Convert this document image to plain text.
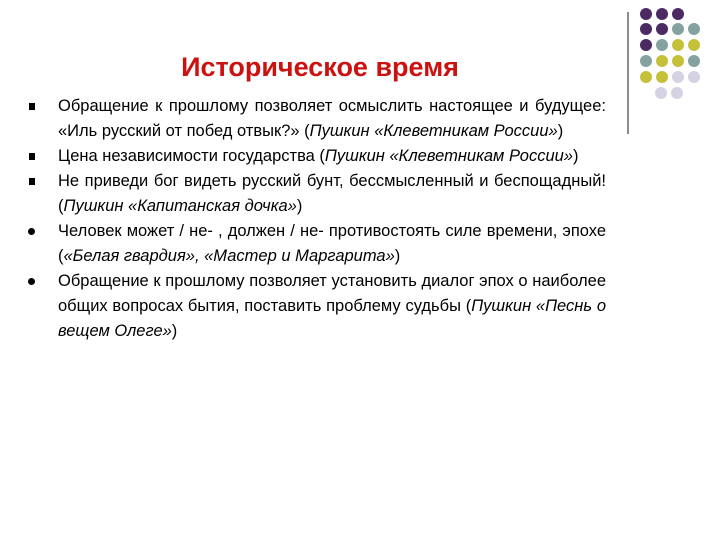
Историческое время
Обращение к прошлому позволяет осмыслить настоящее и будущее: «Иль русский от побед отвык?» (Пушкин «Клеветникам России»)
Цена независимости государства (Пушкин «Клеветникам России»)
Не приведи бог видеть русский бунт, бессмысленный и беспощадный! (Пушкин «Капитанская дочка»)
Человек может / не- , должен / не- противостоять силе времени, эпохе («Белая гвардия», «Мастер и Маргарита»)
Обращение к прошлому позволяет установить диалог эпох о наиболее общих вопросах бытия, поставить проблему судьбы (Пушкин «Песнь о вещем Олеге»)
